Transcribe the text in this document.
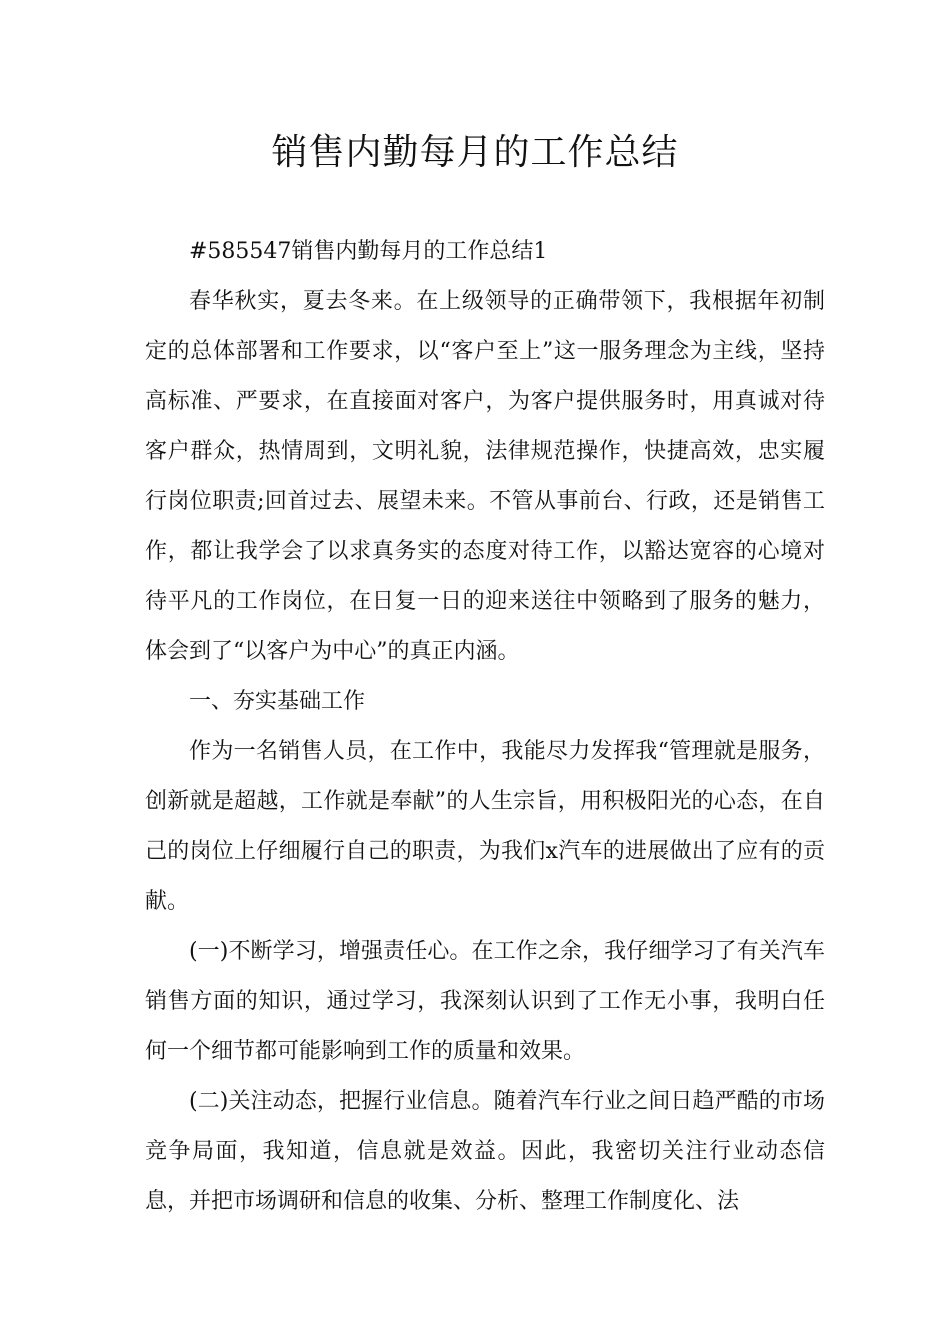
销售内勤每月的工作总结

#585547销售内勤每月的工作总结1

春华秋实，夏去冬来。在上级领导的正确带领下，我根据年初制定的总体部署和工作要求，以“客户至上”这一服务理念为主线，坚持高标准、严要求，在直接面对客户，为客户提供服务时，用真诚对待客户群众，热情周到，文明礼貌，法律规范操作，快捷高效，忠实履行岗位职责;回首过去、展望未来。不管从事前台、行政，还是销售工作，都让我学会了以求真务实的态度对待工作，以豁达宽容的心境对待平凡的工作岗位，在日复一日的迎来送往中领略到了服务的魅力，体会到了“以客户为中心”的真正内涵。

一、夯实基础工作

作为一名销售人员，在工作中，我能尽力发挥我“管理就是服务，创新就是超越，工作就是奉献”的人生宗旨，用积极阳光的心态，在自己的岗位上仔细履行自己的职责，为我们x汽车的进展做出了应有的贡献。

(一)不断学习，增强责任心。在工作之余，我仔细学习了有关汽车销售方面的知识，通过学习，我深刻认识到了工作无小事，我明白任何一个细节都可能影响到工作的质量和效果。

(二)关注动态，把握行业信息。随着汽车行业之间日趋严酷的市场竞争局面，我知道，信息就是效益。因此，我密切关注行业动态信息，并把市场调研和信息的收集、分析、整理工作制度化、法
